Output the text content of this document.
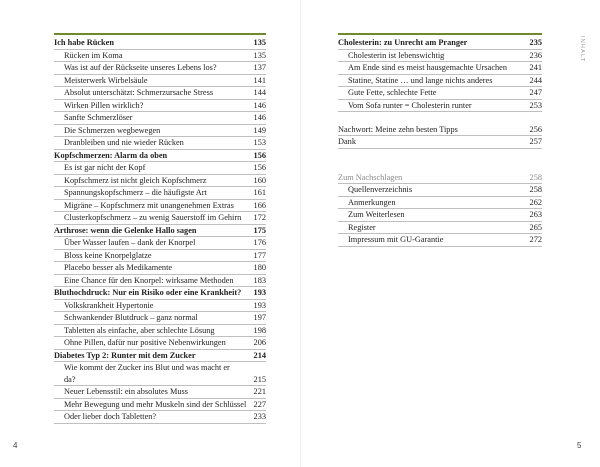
Ich habe Rücken	135
Rücken im Koma	135
Was ist auf der Rückseite unseres Lebens los?	137
Meisterwerk Wirbelsäule	141
Absolut unterschätzt: Schmerzursache Stress	144
Wirken Pillen wirklich?	146
Sanfte Schmerzlöser	146
Die Schmerzen wegbewegen	149
Dranbleiben und nie wieder Rücken	153
Kopfschmerzen: Alarm da oben	156
Es ist gar nicht der Kopf	156
Kopfschmerz ist nicht gleich Kopfschmerz	160
Spannungskopfschmerz – die häufigste Art	161
Migräne – Kopfschmerz mit unangenehmen Extras	166
Clusterkopfschmerz – zu wenig Sauerstoff im Gehirn	172
Arthrose: wenn die Gelenke Hallo sagen	175
Über Wasser laufen – dank der Knorpel	176
Bloss keine Knorpelglatze	177
Placebo besser als Medikamente	180
Eine Chance für den Knorpel: wirksame Methoden	183
Bluthochdruck: Nur ein Risiko oder eine Krankheit?	193
Volkskrankheit Hypertonie	193
Schwankender Blutdruck – ganz normal	197
Tabletten als einfache, aber schlechte Lösung	198
Ohne Pillen, dafür nur positive Nebenwirkungen	206
Diabetes Typ 2: Runter mit dem Zucker	214
Wie kommt der Zucker ins Blut und was macht er da?	215
Neuer Lebensstil: ein absolutes Muss	221
Mehr Bewegung und mehr Muskeln sind der Schlüssel 227
Oder lieber doch Tabletten?	233
Cholesterin: zu Unrecht am Pranger	235
Cholesterin ist lebenswichtig	236
Am Ende sind es meist hausgemachte Ursachen	241
Statine, Statine … und lange nichts anderes	244
Gute Fette, schlechte Fette	247
Vom Sofa runter = Cholesterin runter	253
Nachwort: Meine zehn besten Tipps	256
Dank	257
Zum Nachschlagen	258
Quellenverzeichnis	258
Anmerkungen	262
Zum Weiterlesen	263
Register	265
Impressum mit GU-Garantie	272
4	5
INHALT
